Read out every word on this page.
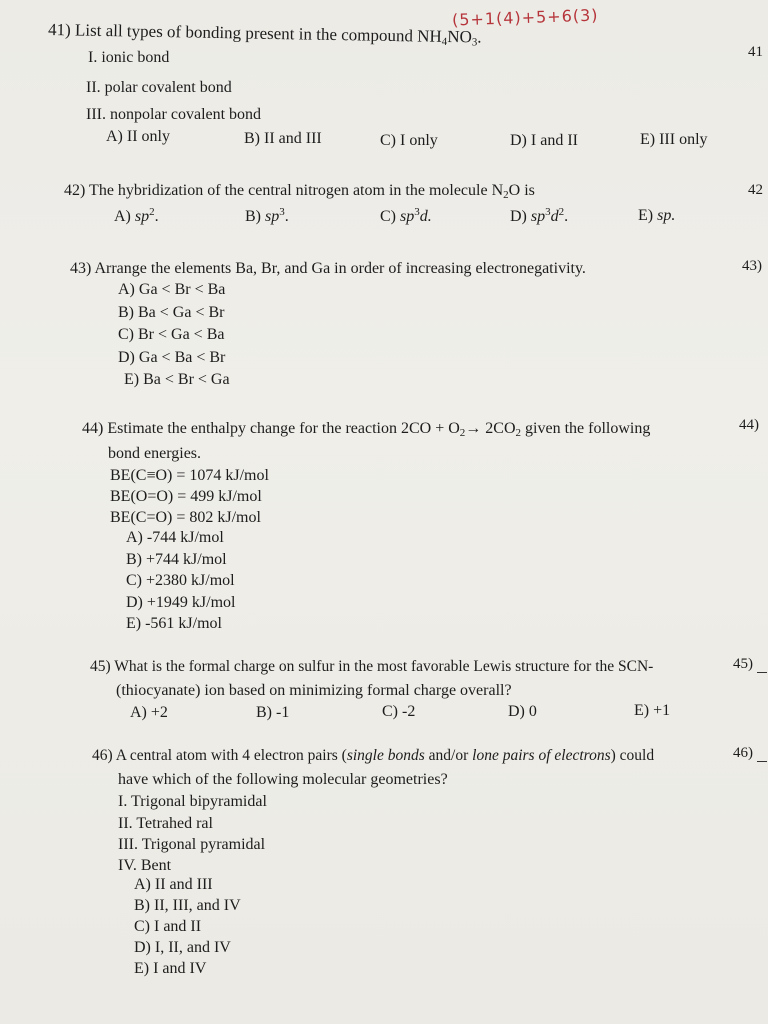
(5+1(4)+5+6(3)
41) List all types of bonding present in the compound $NH_4NO_3$.
41
I. ionic bond
II. polar covalent bond
III. nonpolar covalent bond
A) II only	B) II and III	C) I only	D) I and II	E) III only
42) The hybridization of the central nitrogen atom in the molecule $N_2O$ is	42
A) $sp^2$.	B) $sp^3$.	C) $sp^3d$.	D) $sp^3d^2$.	E) sp.
43) Arrange the elements Ba, Br, and Ga in order of increasing electronegativity.	43)
A) Ga < Br < Ba
B) Ba < Ga < Br
C) Br < Ga < Ba
D) Ga < Ba < Br
E) Ba < Br < Ga
44) Estimate the enthalpy change for the reaction $2CO + O_2\to 2CO_2$ given the following	44)
bond energies.
BE(C≡O) = 1074 kJ/mol
BE(O=O) = 499 kJ/mol
BE(C=O) = 802 kJ/mol
A) -744 kJ/mol
B) +744 kJ/mol
C) +2380 kJ/mol
D) +1949 kJ/mol
E) -561 kJ/mol
45) What is the formal charge on sulfur in the most favorable Lewis structure for the SCN-	45)
(thiocyanate) ion based on minimizing formal charge overall?
A) +2	B) -1	C) -2	D) 0	E) +1
46) A central atom with 4 electron pairs (single bonds and/or lone pairs of electrons) could	46)
have which of the following molecular geometries?
I. Trigonal bipyramidal
II. Tetrahed ral
III. Trigonal pyramidal
IV. Bent
A) II and III
B) II, III, and IV
C) I and II
D) I, II, and IV
E) I and IV
